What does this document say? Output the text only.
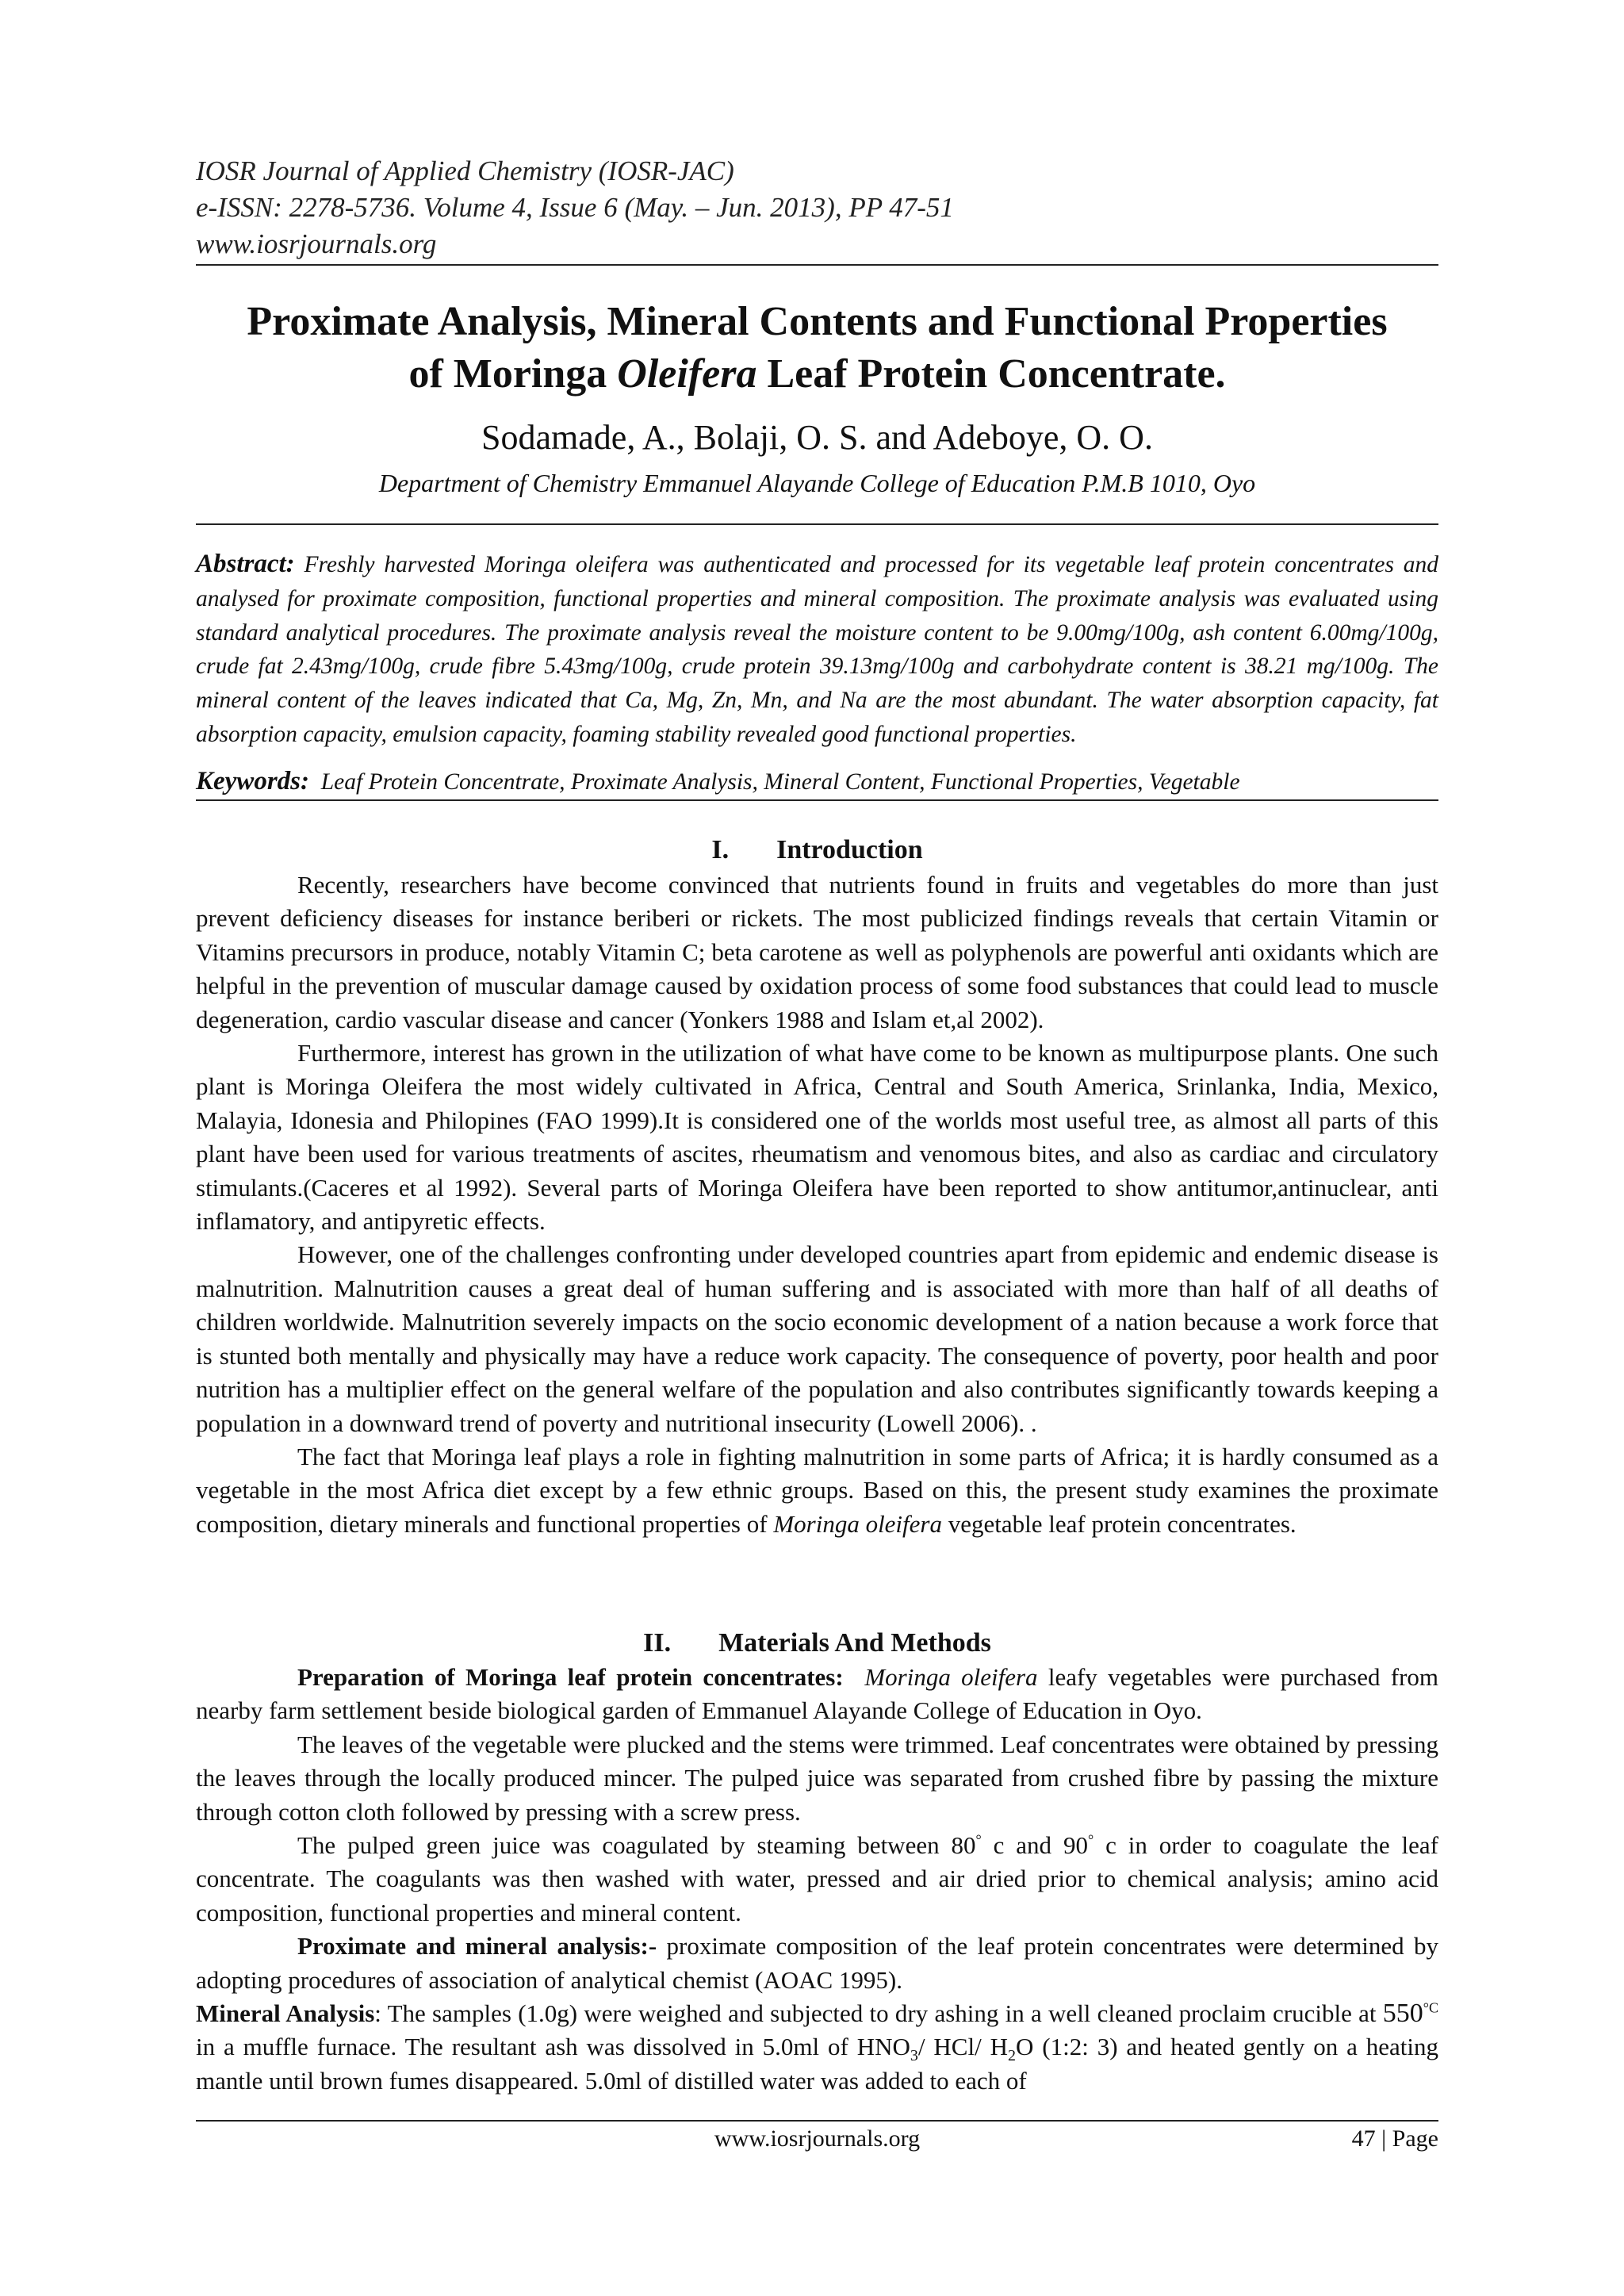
IOSR Journal of Applied Chemistry (IOSR-JAC)
e-ISSN: 2278-5736. Volume 4, Issue 6 (May. – Jun. 2013), PP 47-51
www.iosrjournals.org
Proximate Analysis, Mineral Contents and Functional Properties
of Moringa Oleifera Leaf Protein Concentrate.
Sodamade, A., Bolaji, O. S. and Adeboye, O. O.
Department of Chemistry Emmanuel Alayande College of Education P.M.B 1010, Oyo
Abstract: Freshly harvested Moringa oleifera was authenticated and processed for its vegetable leaf protein concentrates and analysed for proximate composition, functional properties and mineral composition. The proximate analysis was evaluated using standard analytical procedures. The proximate analysis reveal the moisture content to be 9.00mg/100g, ash content 6.00mg/100g, crude fat 2.43mg/100g, crude fibre 5.43mg/100g, crude protein 39.13mg/100g and carbohydrate content is 38.21 mg/100g. The mineral content of the leaves indicated that Ca, Mg, Zn, Mn, and Na are the most abundant. The water absorption capacity, fat absorption capacity, emulsion capacity, foaming stability revealed good functional properties.
Keywords: Leaf Protein Concentrate, Proximate Analysis, Mineral Content, Functional Properties, Vegetable
I. Introduction

Recently, researchers have become convinced that nutrients found in fruits and vegetables do more than just prevent deficiency diseases for instance beriberi or rickets. The most publicized findings reveals that certain Vitamin or Vitamins precursors in produce, notably Vitamin C; beta carotene as well as polyphenols are powerful anti oxidants which are helpful in the prevention of muscular damage caused by oxidation process of some food substances that could lead to muscle degeneration, cardio vascular disease and cancer (Yonkers 1988 and Islam et,al 2002).

Furthermore, interest has grown in the utilization of what have come to be known as multipurpose plants. One such plant is Moringa Oleifera the most widely cultivated in Africa, Central and South America, Srinlanka, India, Mexico, Malayia, Idonesia and Philopines (FAO 1999).It is considered one of the worlds most useful tree, as almost all parts of this plant have been used for various treatments of ascites, rheumatism and venomous bites, and also as cardiac and circulatory stimulants.(Caceres et al 1992). Several parts of Moringa Oleifera have been reported to show antitumor,antinuclear, anti inflamatory, and antipyretic effects.

However, one of the challenges confronting under developed countries apart from epidemic and endemic disease is malnutrition. Malnutrition causes a great deal of human suffering and is associated with more than half of all deaths of children worldwide. Malnutrition severely impacts on the socio economic development of a nation because a work force that is stunted both mentally and physically may have a reduce work capacity. The consequence of poverty, poor health and poor nutrition has a multiplier effect on the general welfare of the population and also contributes significantly towards keeping a population in a downward trend of poverty and nutritional insecurity (Lowell 2006). .

The fact that Moringa leaf plays a role in fighting malnutrition in some parts of Africa; it is hardly consumed as a vegetable in the most Africa diet except by a few ethnic groups. Based on this, the present study examines the proximate composition, dietary minerals and functional properties of Moringa oleifera vegetable leaf protein concentrates.

II. Materials And Methods

Preparation of Moringa leaf protein concentrates: Moringa oleifera leafy vegetables were purchased from nearby farm settlement beside biological garden of Emmanuel Alayande College of Education in Oyo.

The leaves of the vegetable were plucked and the stems were trimmed. Leaf concentrates were obtained by pressing the leaves through the locally produced mincer. The pulped juice was separated from crushed fibre by passing the mixture through cotton cloth followed by pressing with a screw press.

The pulped green juice was coagulated by steaming between 80° c and 90° c in order to coagulate the leaf concentrate. The coagulants was then washed with water, pressed and air dried prior to chemical analysis; amino acid composition, functional properties and mineral content.

Proximate and mineral analysis:- proximate composition of the leaf protein concentrates were determined by adopting procedures of association of analytical chemist (AOAC 1995).

Mineral Analysis: The samples (1.0g) were weighed and subjected to dry ashing in a well cleaned proclaim crucible at $550^{^\circ C}$ in a muffle furnace. The resultant ash was dissolved in 5.0ml of $HNO_3/$ HCl/ $H_2O$ (1:2: 3) and heated gently on a heating mantle until brown fumes disappeared. 5.0ml of distilled water was added to each of

www.iosrjournals.org	47 | Page
